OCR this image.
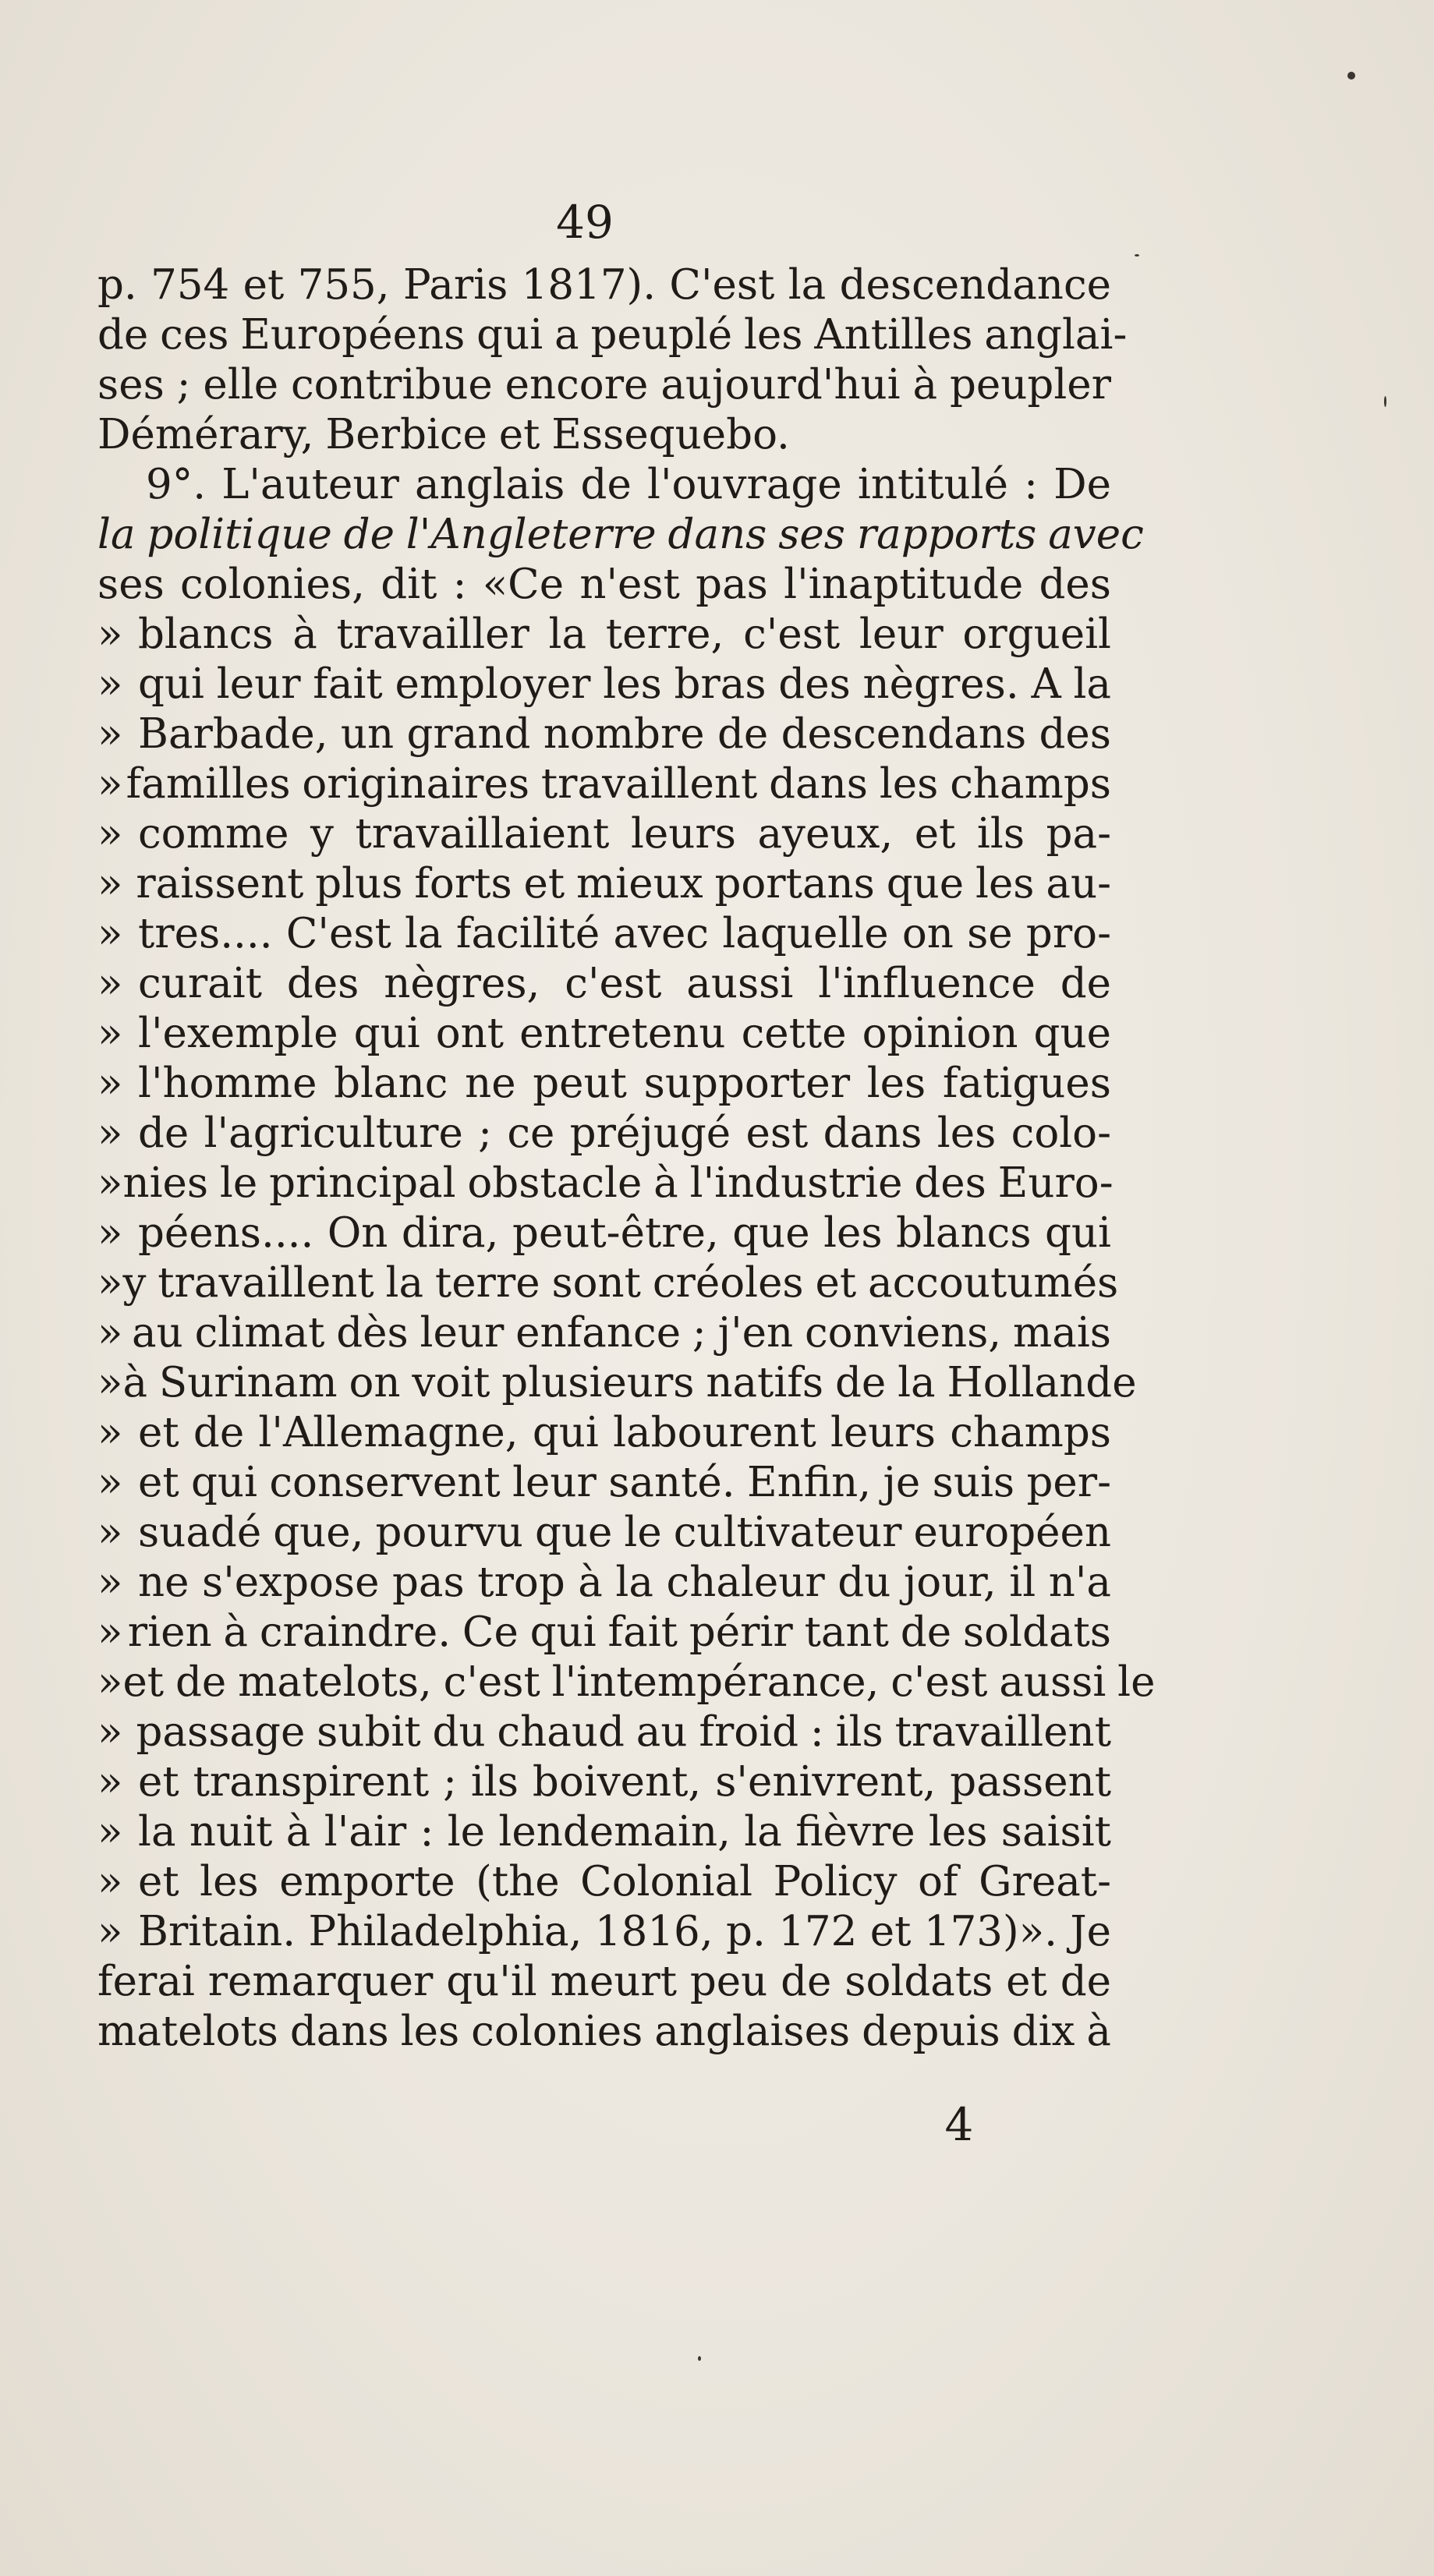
49
p. 754 et 755, Paris 1817). C'est la descendance
de ces Européens qui a peuplé les Antilles anglai-
ses ; elle contribue encore aujourd'hui à peupler
Démérary, Berbice et Essequebo.
9°. L'auteur anglais de l'ouvrage intitulé : De
la politique de l'Angleterre dans ses rapports avec
ses colonies, dit : «Ce n'est pas l'inaptitude des
» blancs à travailler la terre, c'est leur orgueil
» qui leur fait employer les bras des nègres. A la
» Barbade, un grand nombre de descendans des
» familles originaires travaillent dans les champs
» comme y travaillaient leurs ayeux, et ils pa-
» raissent plus forts et mieux portans que les au-
» tres.... C'est la facilité avec laquelle on se pro-
» curait des nègres, c'est aussi l'influence de
» l'exemple qui ont entretenu cette opinion que
» l'homme blanc ne peut supporter les fatigues
» de l'agriculture ; ce préjugé est dans les colo-
» nies le principal obstacle à l'industrie des Euro-
» péens.... On dira, peut-être, que les blancs qui
» y travaillent la terre sont créoles et accoutumés
» au climat dès leur enfance ; j'en conviens, mais
» à Surinam on voit plusieurs natifs de la Hollande
» et de l'Allemagne, qui labourent leurs champs
» et qui conservent leur santé. Enfin, je suis per-
» suadé que, pourvu que le cultivateur européen
» ne s'expose pas trop à la chaleur du jour, il n'a
» rien à craindre. Ce qui fait périr tant de soldats
» et de matelots, c'est l'intempérance, c'est aussi le
» passage subit du chaud au froid : ils travaillent
» et transpirent ; ils boivent, s'enivrent, passent
» la nuit à l'air : le lendemain, la fièvre les saisit
» et les emporte (the Colonial Policy of Great-
» Britain. Philadelphia, 1816, p. 172 et 173)». Je
ferai remarquer qu'il meurt peu de soldats et de
matelots dans les colonies anglaises depuis dix à
4
